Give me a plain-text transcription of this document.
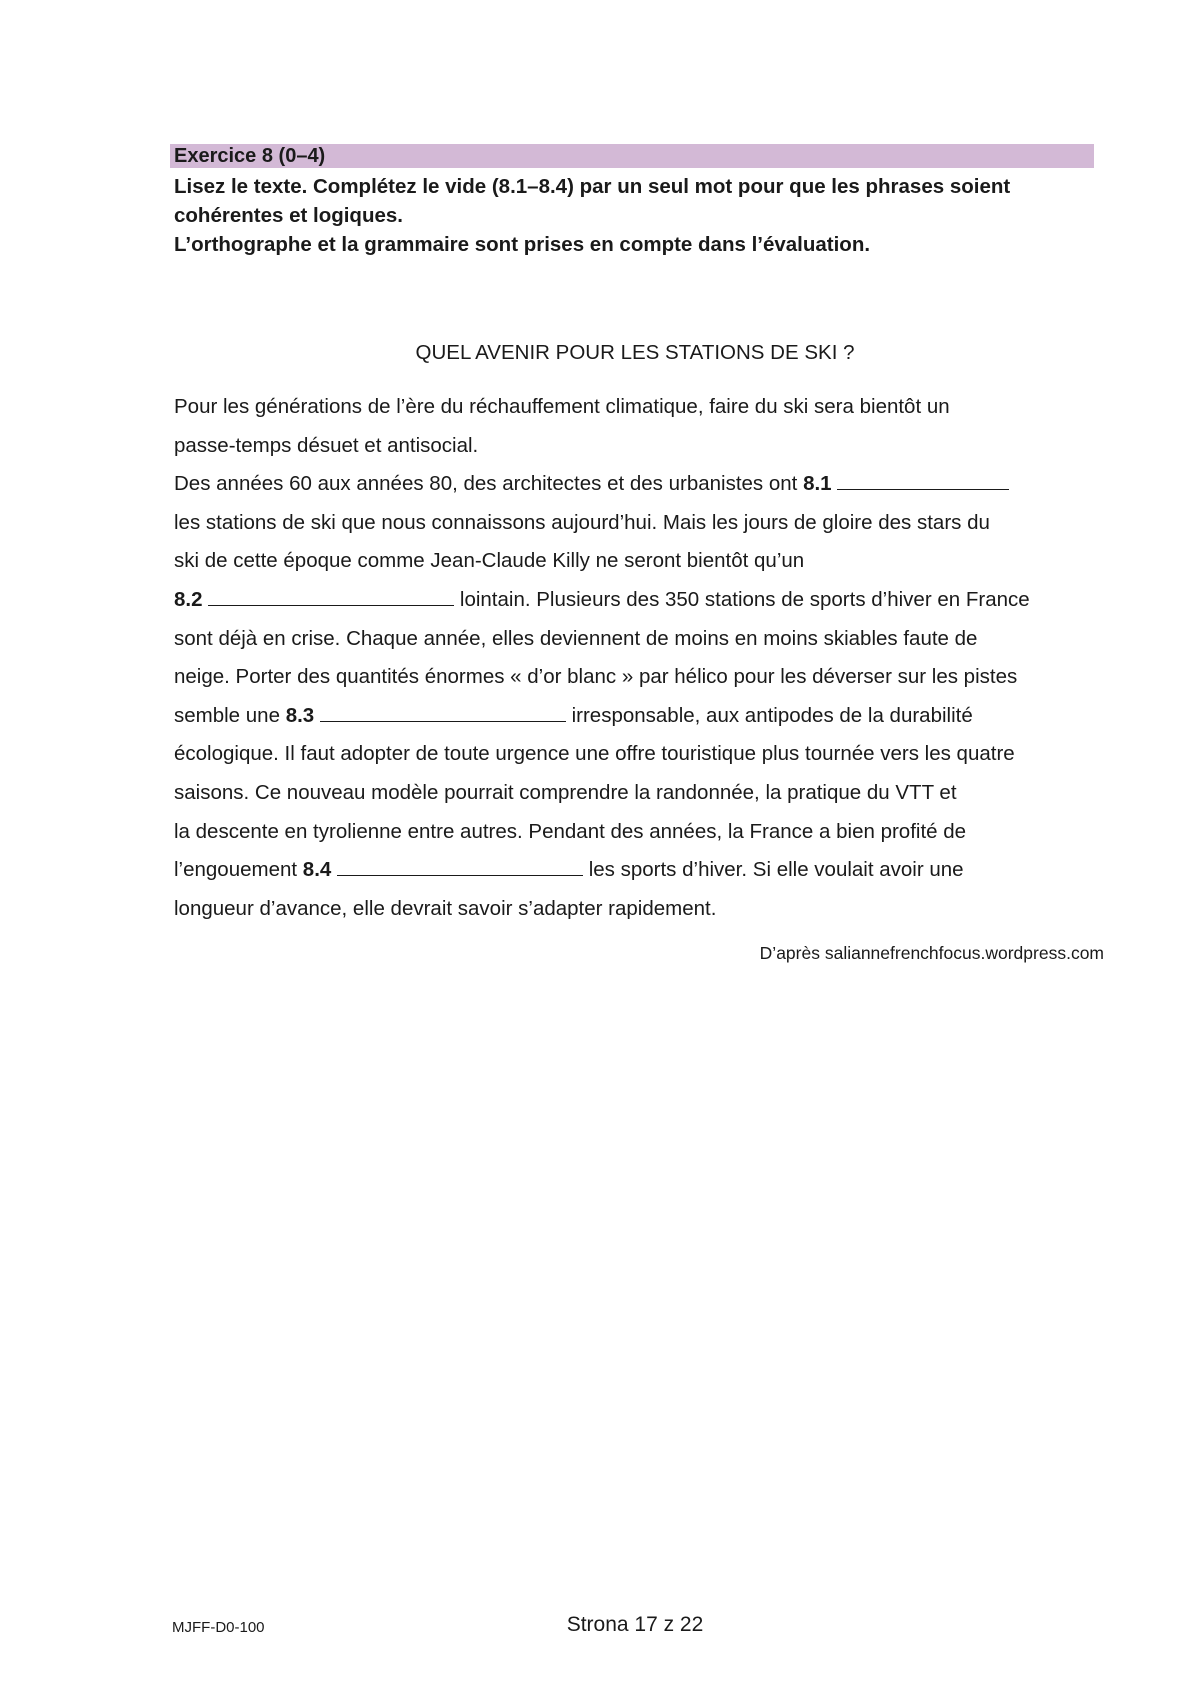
Exercice 8 (0–4)
Lisez le texte. Complétez le vide (8.1–8.4) par un seul mot pour que les phrases soient
cohérentes et logiques.
L’orthographe et la grammaire sont prises en compte dans l’évaluation.
QUEL AVENIR POUR LES STATIONS DE SKI ?
Pour les générations de l’ère du réchauffement climatique, faire du ski sera bientôt un
passe-temps désuet et antisocial.
Des années 60 aux années 80, des architectes et des urbanistes ont 8.1
les stations de ski que nous connaissons aujourd’hui. Mais les jours de gloire des stars du
ski de cette époque comme Jean-Claude Killy ne seront bientôt qu’un
8.2	lointain. Plusieurs des 350 stations de sports d’hiver en France
sont déjà en crise. Chaque année, elles deviennent de moins en moins skiables faute de
neige. Porter des quantités énormes « d’or blanc » par hélico pour les déverser sur les pistes
semble une 8.3	irresponsable, aux antipodes de la durabilité
écologique. Il faut adopter de toute urgence une offre touristique plus tournée vers les quatre
saisons. Ce nouveau modèle pourrait comprendre la randonnée, la pratique du VTT et
la descente en tyrolienne entre autres. Pendant des années, la France a bien profité de
l’engouement 8.4	les sports d’hiver. Si elle voulait avoir une
longueur d’avance, elle devrait savoir s’adapter rapidement.
D’après saliannefrenchfocus.wordpress.com
MJFF-D0-100	Strona 17 z 22
